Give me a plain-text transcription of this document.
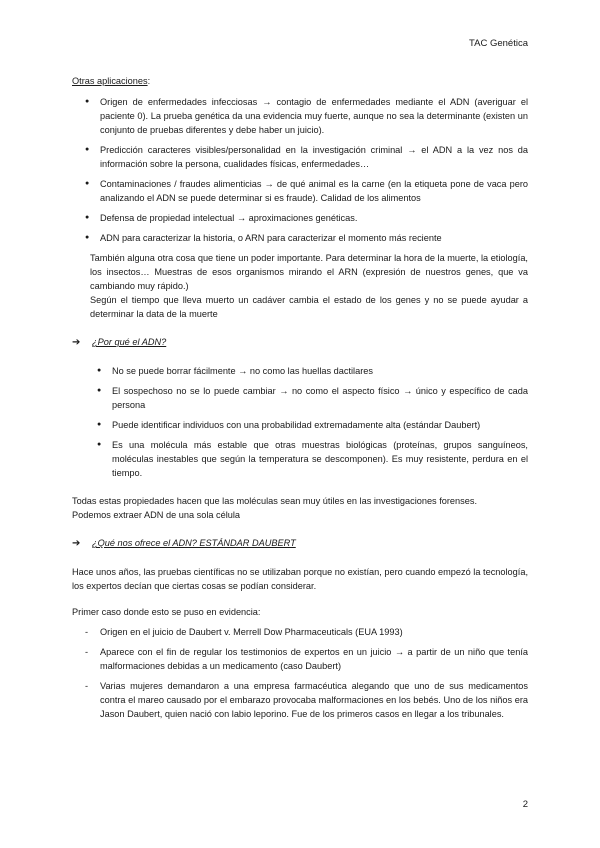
TAC Genética

Otras aplicaciones:

● Origen de enfermedades infecciosas → contagio de enfermedades mediante el ADN (averiguar el paciente 0). La prueba genética da una evidencia muy fuerte, aunque no sea la determinante (existen un conjunto de pruebas diferentes y debe haber un juicio).
● Predicción caracteres visibles/personalidad en la investigación criminal → el ADN a la vez nos da información sobre la persona, cualidades físicas, enfermedades…
● Contaminaciones / fraudes alimenticias → de qué animal es la carne (en la etiqueta pone de vaca pero analizando el ADN se puede determinar si es fraude). Calidad de los alimentos
● Defensa de propiedad intelectual → aproximaciones genéticas.
● ADN para caracterizar la historia, o ARN para caracterizar el momento más reciente

También alguna otra cosa que tiene un poder importante. Para determinar la hora de la muerte, la etiología, los insectos… Muestras de esos organismos mirando el ARN (expresión de nuestros genes, que va cambiando muy rápido.)

Según el tiempo que lleva muerto un cadáver cambia el estado de los genes y no se puede ayudar a determinar la data de la muerte

➔	¿Por qué el ADN?

● No se puede borrar fácilmente → no como las huellas dactilares
● El sospechoso no se lo puede cambiar → no como el aspecto físico → único y específico de cada persona
● Puede identificar individuos con una probabilidad extremadamente alta (estándar Daubert)
● Es una molécula más estable que otras muestras biológicas (proteínas, grupos sanguíneos, moléculas inestables que según la temperatura se descomponen). Es muy resistente, perdura en el tiempo.

Todas estas propiedades hacen que las moléculas sean muy útiles en las investigaciones forenses.

Podemos extraer ADN de una sola célula

➔	¿Qué nos ofrece el ADN? ESTÁNDAR DAUBERT

Hace unos años, las pruebas científicas no se utilizaban porque no existían, pero cuando empezó la tecnología, los expertos decían que ciertas cosas se podían considerar.

Primer caso donde esto se puso en evidencia:

- Origen en el juicio de Daubert v. Merrell Dow Pharmaceuticals (EUA 1993)
- Aparece con el fin de regular los testimonios de expertos en un juicio → a partir de un niño que tenía malformaciones debidas a un medicamento (caso Daubert)
- Varias mujeres demandaron a una empresa farmacéutica alegando que uno de sus medicamentos contra el mareo causado por el embarazo provocaba malformaciones en los bebés. Uno de los niños era Jason Daubert, quien nació con labio leporino. Fue de los primeros casos en llegar a los tribunales.
2
